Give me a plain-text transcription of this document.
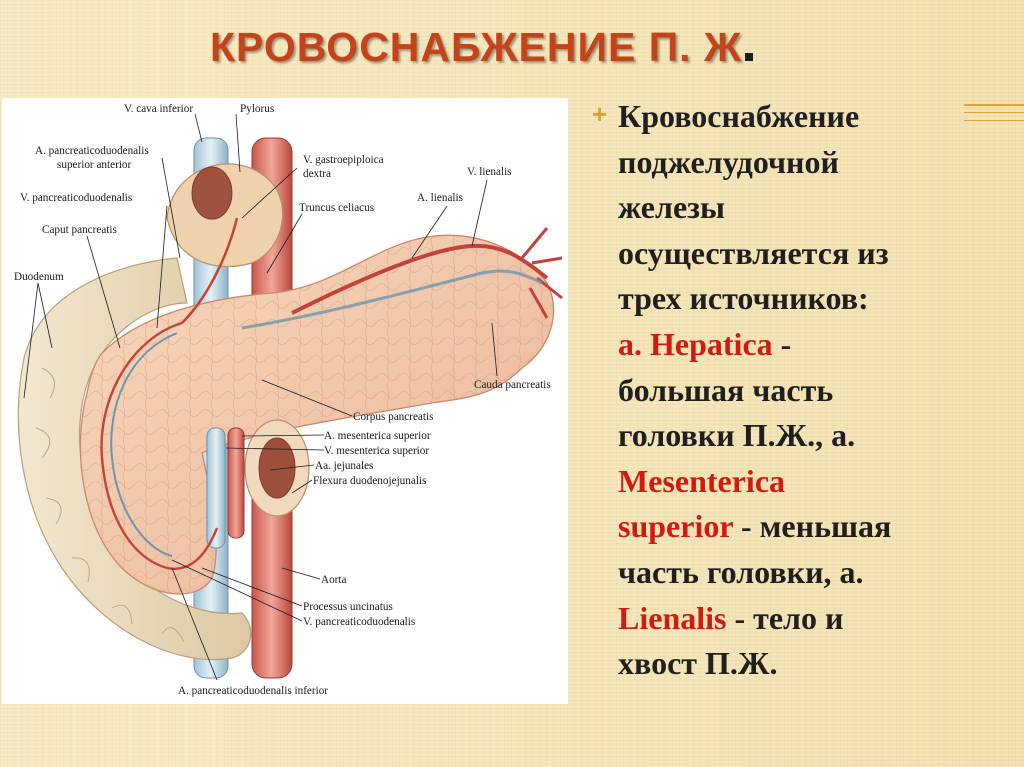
КРОВОСНАБЖЕНИЕ П. Ж
V. cava inferior	Pylorus
A. pancreaticoduodenalis
superior anterior	V. gastroepiploica
dextra	V. lienalis
V. pancreaticoduodenalis	A. lienalis
Truncus celiacus
Caput pancreatis
Duodenum
Cauda pancreatis
Corpus pancreatis
A. mesenterica superior
V. mesenterica superior
Aa. jejunales
Flexura duodenojejunalis
Aorta
Processus uncinatus
V. pancreaticoduodenalis
A. pancreaticoduodenalis inferior
+ Кровоснабжение
поджелудочной
железы
осуществляется из
трех источников:
a. Hepatica -
большая часть
головки П.Ж., а.
Mesenterica
superior - меньшая
часть головки, а.
Lienalis - тело и
хвост П.Ж.
